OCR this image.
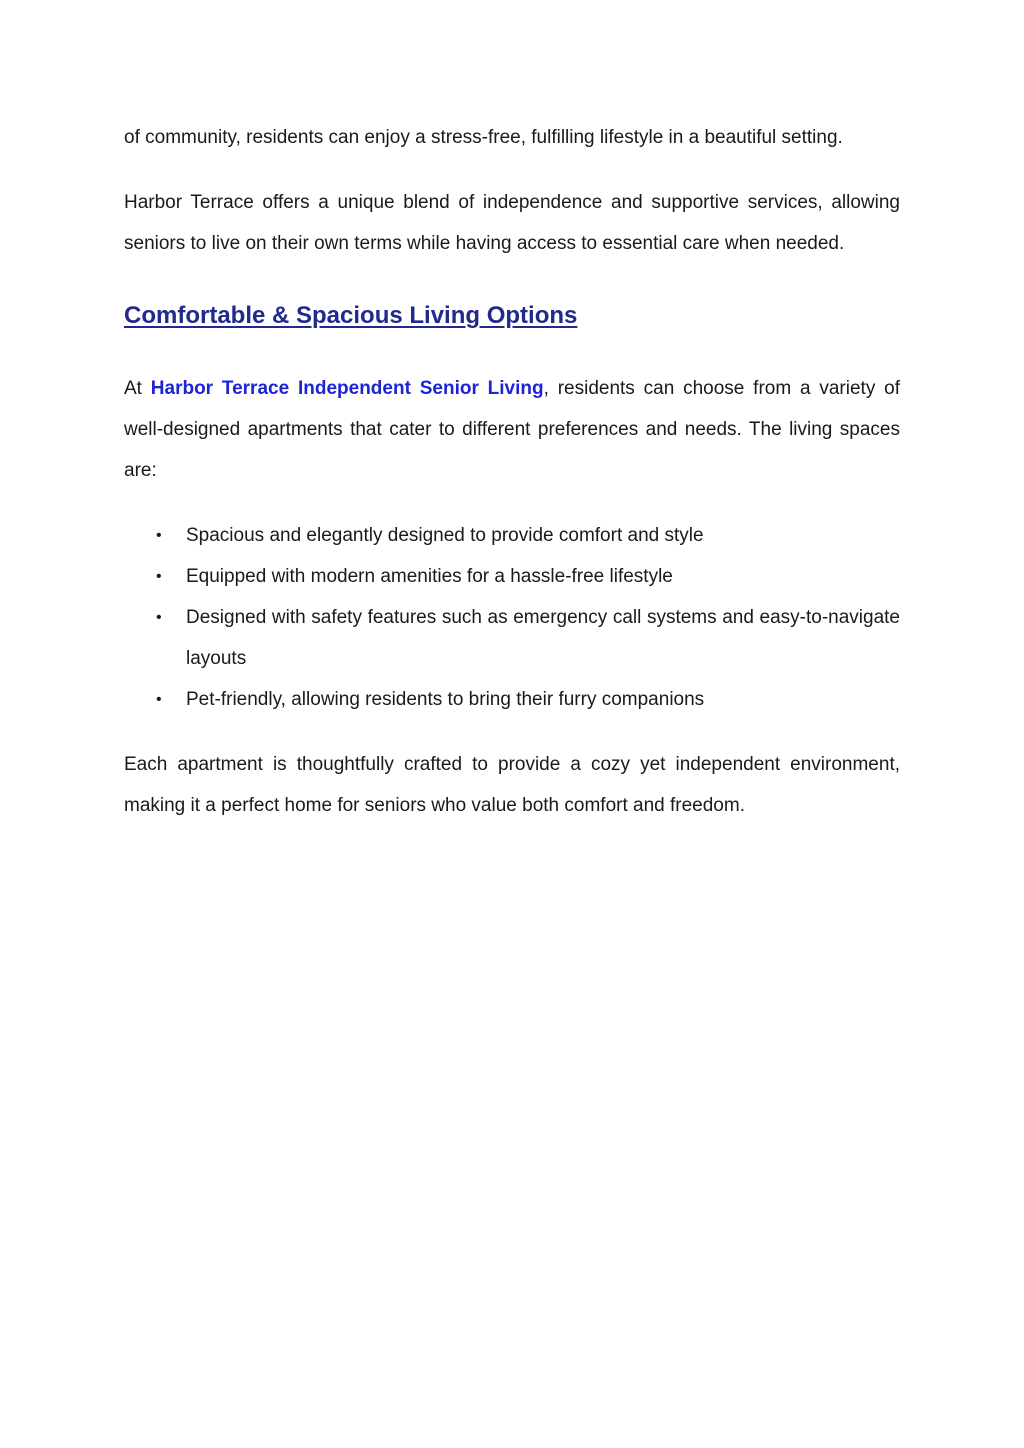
of community, residents can enjoy a stress-free, fulfilling lifestyle in a beautiful setting.

Harbor Terrace offers a unique blend of independence and supportive services, allowing seniors to live on their own terms while having access to essential care when needed.

Comfortable & Spacious Living Options

At Harbor Terrace Independent Senior Living, residents can choose from a variety of well-designed apartments that cater to different preferences and needs. The living spaces are:

• Spacious and elegantly designed to provide comfort and style
• Equipped with modern amenities for a hassle-free lifestyle
• Designed with safety features such as emergency call systems and easy-to-navigate layouts
• Pet-friendly, allowing residents to bring their furry companions

Each apartment is thoughtfully crafted to provide a cozy yet independent environment, making it a perfect home for seniors who value both comfort and freedom.
